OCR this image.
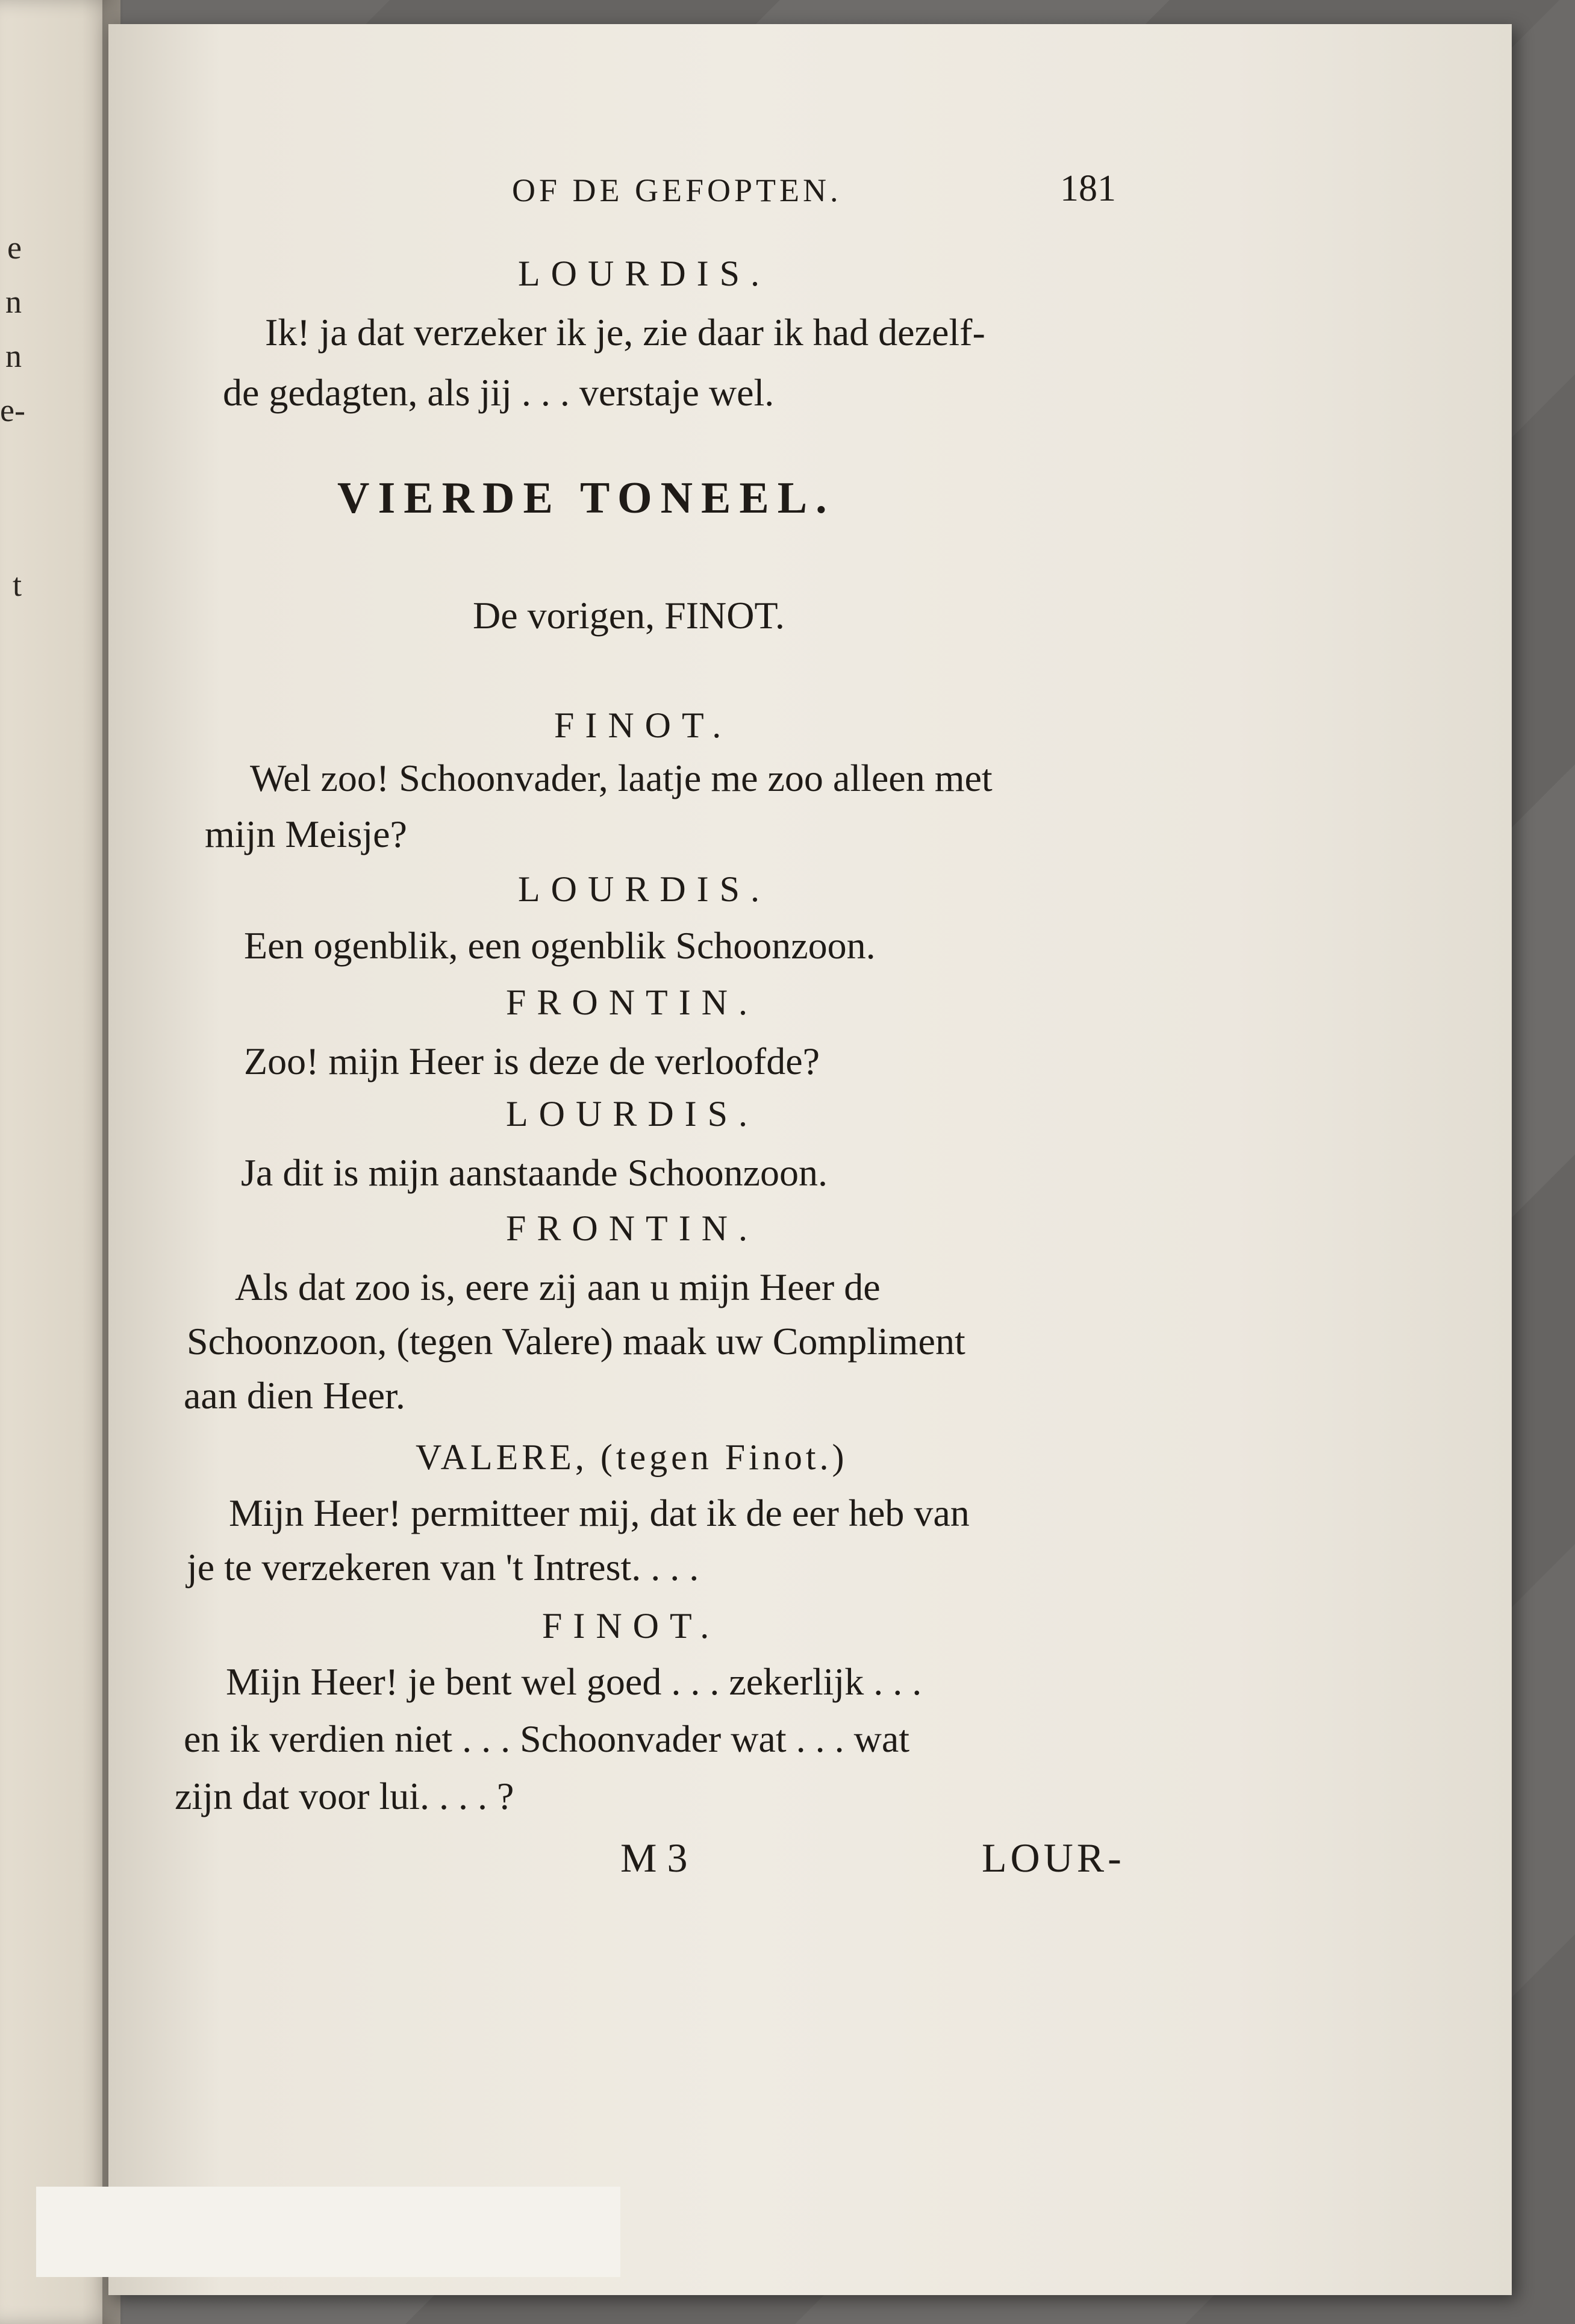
e
n
n
e-
t
OF DE GEFOPTEN.	181
LOURDIS.
Ik! ja dat verzeker ik je, zie daar ik had dezelf-
de gedagten, als jij . . . verstaje wel.
VIERDE TONEEL.
De vorigen, FINOT.
FINOT.
Wel zoo! Schoonvader, laatje me zoo alleen met
mijn Meisje?
LOURDIS.
Een ogenblik, een ogenblik Schoonzoon.
FRONTIN.
Zoo! mijn Heer is deze de verloofde?
LOURDIS.
Ja dit is mijn aanstaande Schoonzoon.
FRONTIN.
Als dat zoo is, eere zij aan u mijn Heer de
Schoonzoon, (tegen Valere) maak uw Compliment
aan dien Heer.
VALERE, (tegen Finot.)
Mijn Heer! permitteer mij, dat ik de eer heb van
je te verzekeren van 't Intrest. . . .
FINOT.
Mijn Heer! je bent wel goed . . . zekerlijk . . .
en ik verdien niet . . . Schoonvader wat . . . wat
zijn dat voor lui. . . . ?
M 3	LOUR-
